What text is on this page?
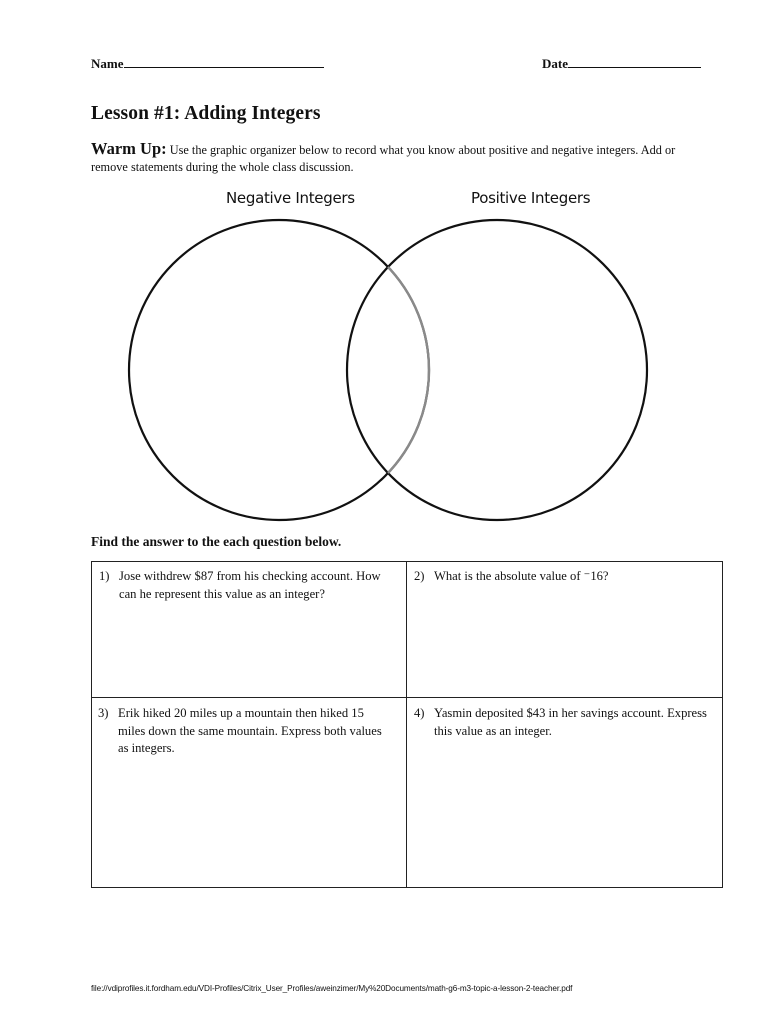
Name	Date
Lesson #1: Adding Integers
Warm Up: Use the graphic organizer below to record what you know about positive and negative integers. Add or remove statements during the whole class discussion.
Negative Integers	Positive Integers
Find the answer to the each question below.
1) Jose withdrew $87 from his checking account. How can he represent this value as an integer?
2) What is the absolute value of ⁻16?
3) Erik hiked 20 miles up a mountain then hiked 15 miles down the same mountain. Express both values as integers.
4) Yasmin deposited $43 in her savings account. Express this value as an integer.
file://vdiprofiles.it.fordham.edu/VDI-Profiles/Citrix_User_Profiles/aweinzimer/My%20Documents/math-g6-m3-topic-a-lesson-2-teacher.pdf
